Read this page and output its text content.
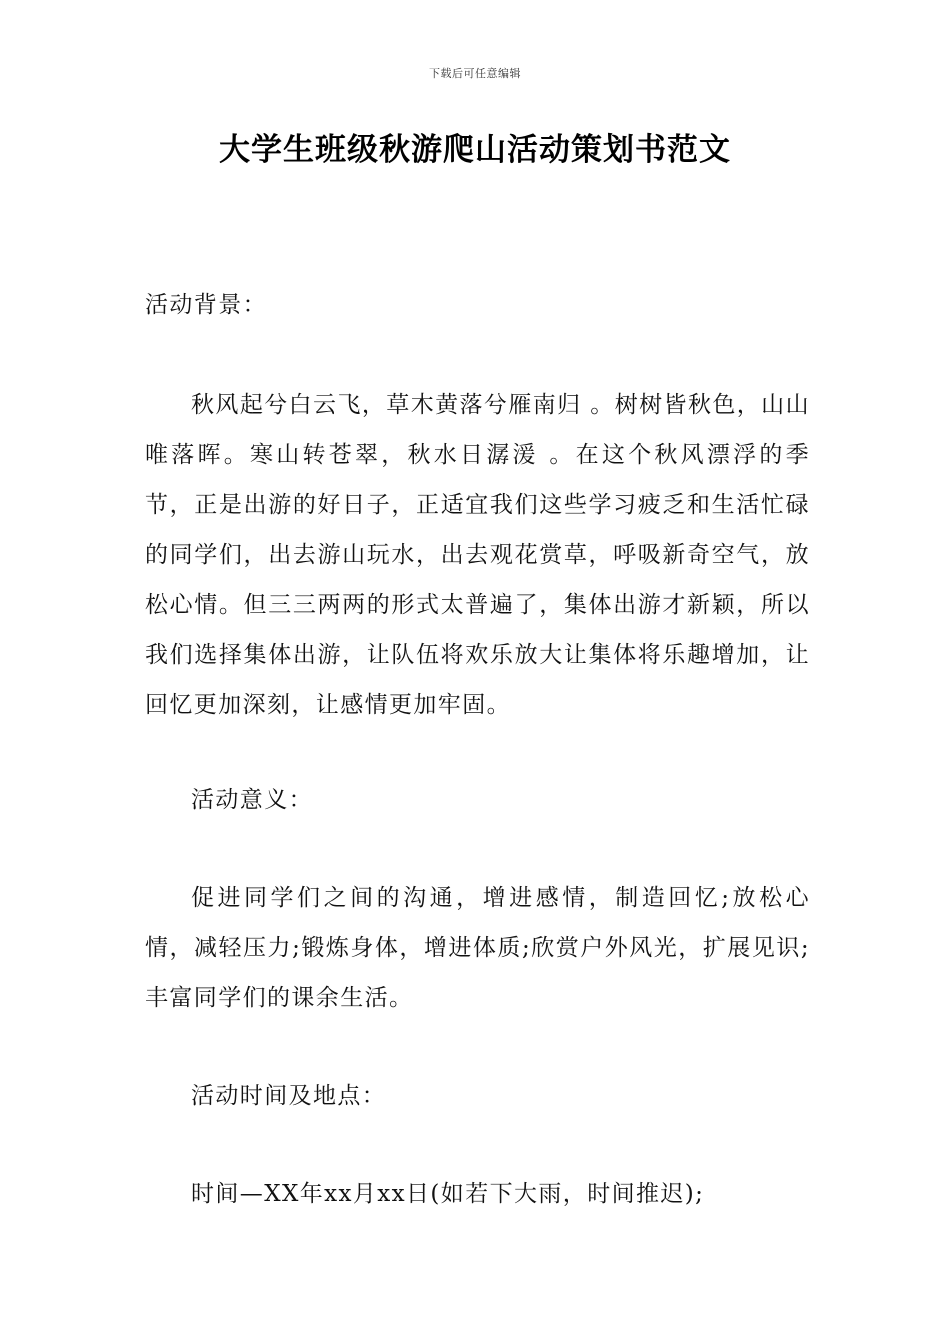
下载后可任意编辑
大学生班级秋游爬山活动策划书范文

活动背景：

秋风起兮白云飞，草木黄落兮雁南归 。树树皆秋色，山山唯落晖。寒山转苍翠，秋水日潺湲 。在这个秋风漂浮的季节，正是出游的好日子，正适宜我们这些学习疲乏和生活忙碌的同学们，出去游山玩水，出去观花赏草，呼吸新奇空气，放松心情。但三三两两的形式太普遍了，集体出游才新颖，所以我们选择集体出游，让队伍将欢乐放大让集体将乐趣增加，让回忆更加深刻，让感情更加牢固。

活动意义：

促进同学们之间的沟通，增进感情，制造回忆;放松心情，减轻压力;锻炼身体，增进体质;欣赏户外风光，扩展见识;丰富同学们的课余生活。

活动时间及地点：

时间—XX年xx月xx日(如若下大雨，时间推迟);
